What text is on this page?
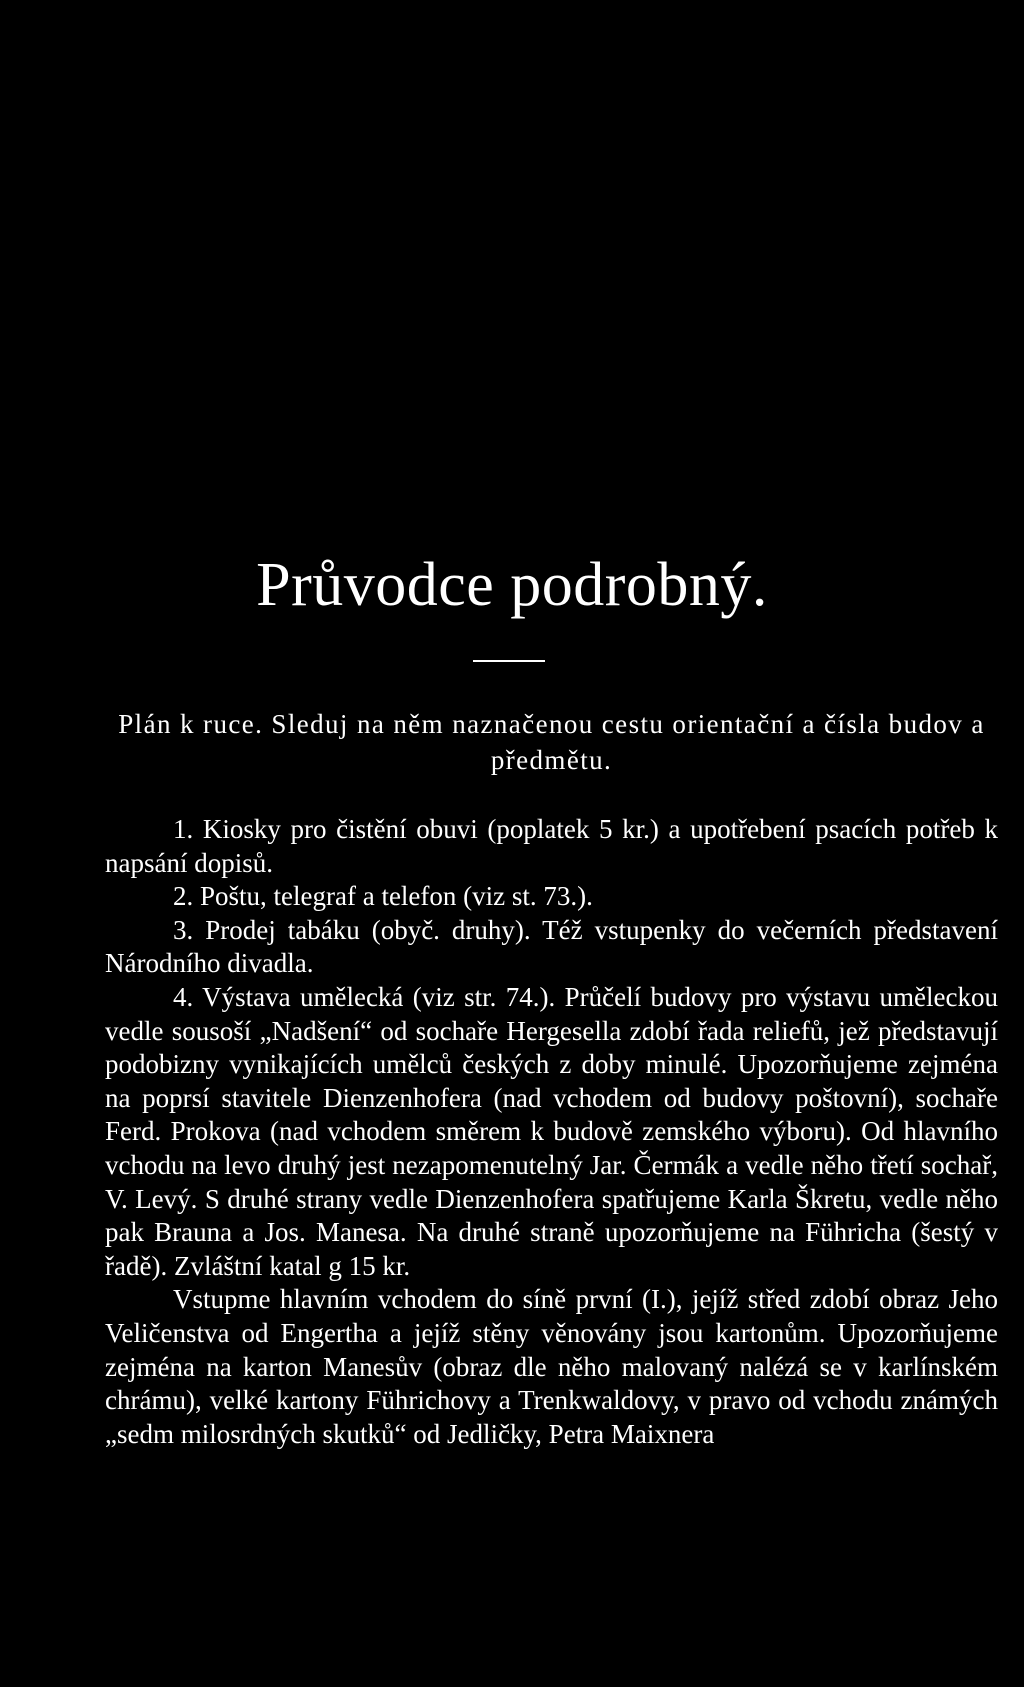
Průvodce podrobný.
Plán k ruce. Sleduj na něm naznačenou cestu orientační a čísla budov a předmětu.

1. Kiosky pro čistění obuvi (poplatek 5 kr.) a upotřebení psacích potřeb k napsání dopisů.

2. Poštu, telegraf a telefon (viz st. 73.).

3. Prodej tabáku (obyč. druhy). Též vstupenky do večerních představení Národního divadla.

4. Výstava umělecká (viz str. 74.). Průčelí budovy pro výstavu uměleckou vedle sousoší „Nadšení“ od sochaře Hergesella zdobí řada reliefů, jež představují podobizny vynikajících umělců českých z doby minulé. Upozorňujeme zejména na poprsí stavitele Dienzenhofera (nad vchodem od budovy poštovní), sochaře Ferd. Prokova (nad vchodem směrem k budově zemského výboru). Od hlavního vchodu na levo druhý jest nezapomenutelný Jar. Čermák a vedle něho třetí sochař, V. Levý. S druhé strany vedle Dienzenhofera spatřujeme Karla Škretu, vedle něho pak Brauna a Jos. Manesa. Na druhé straně upozorňujeme na Führicha (šestý v řadě). Zvláštní katal g 15 kr.

Vstupme hlavním vchodem do síně první (I.), jejíž střed zdobí obraz Jeho Veličenstva od Engertha a jejíž stěny věnovány jsou kartonům. Upozorňujeme zejména na karton Manesův (obraz dle něho malovaný nalézá se v karlínském chrámu), velké kartony Führichovy a Trenkwaldovy, v pravo od vchodu známých „sedm milosrdných skutků“ od Jedličky, Petra Maixnera
